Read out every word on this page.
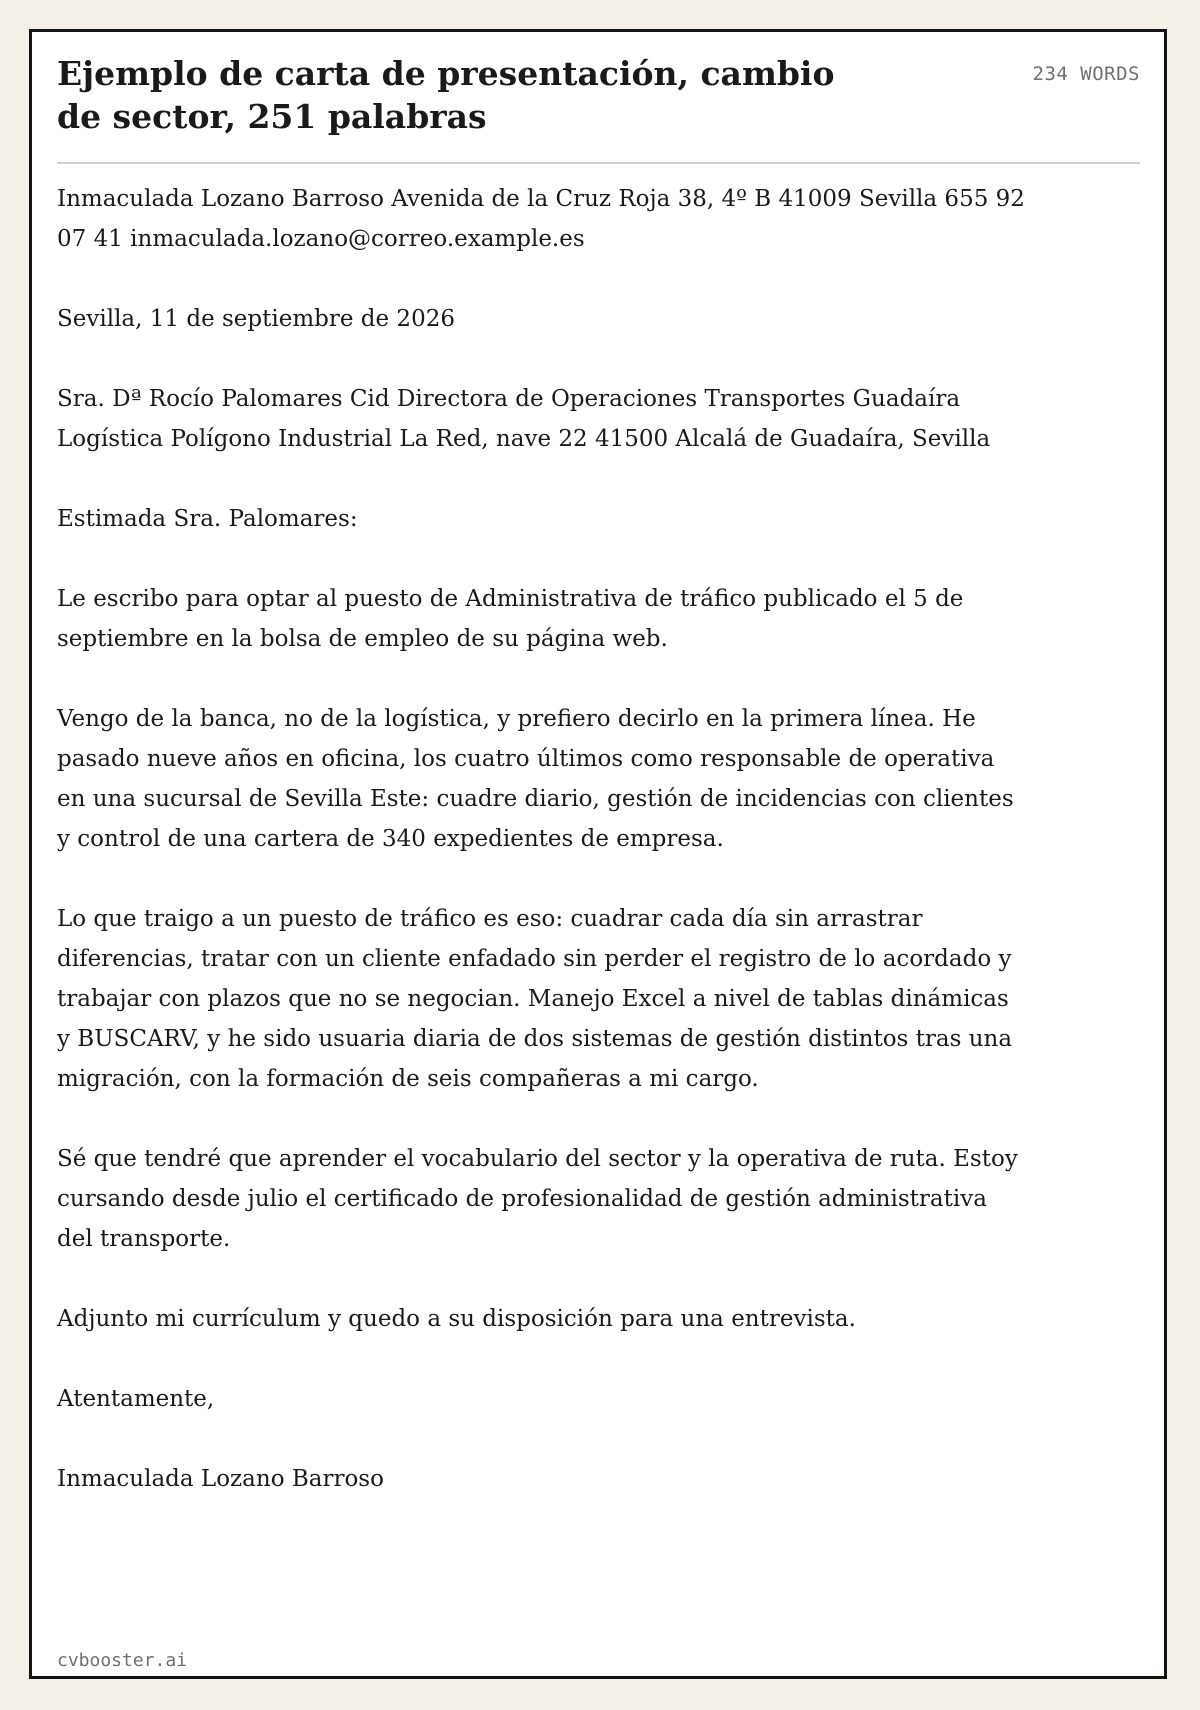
Ejemplo de carta de presentación, cambio de sector, 251 palabras
234 WORDS

Inmaculada Lozano Barroso Avenida de la Cruz Roja 38, 4º B 41009 Sevilla 655 92 07 41 inmaculada.lozano@correo.example.es

Sevilla, 11 de septiembre de 2026

Sra. Dª Rocío Palomares Cid Directora de Operaciones Transportes Guadaíra Logística Polígono Industrial La Red, nave 22 41500 Alcalá de Guadaíra, Sevilla

Estimada Sra. Palomares:

Le escribo para optar al puesto de Administrativa de tráfico publicado el 5 de septiembre en la bolsa de empleo de su página web.

Vengo de la banca, no de la logística, y prefiero decirlo en la primera línea. He pasado nueve años en oficina, los cuatro últimos como responsable de operativa en una sucursal de Sevilla Este: cuadre diario, gestión de incidencias con clientes y control de una cartera de 340 expedientes de empresa.

Lo que traigo a un puesto de tráfico es eso: cuadrar cada día sin arrastrar diferencias, tratar con un cliente enfadado sin perder el registro de lo acordado y trabajar con plazos que no se negocian. Manejo Excel a nivel de tablas dinámicas y BUSCARV, y he sido usuaria diaria de dos sistemas de gestión distintos tras una migración, con la formación de seis compañeras a mi cargo.

Sé que tendré que aprender el vocabulario del sector y la operativa de ruta. Estoy cursando desde julio el certificado de profesionalidad de gestión administrativa del transporte.

Adjunto mi currículum y quedo a su disposición para una entrevista.

Atentamente,

Inmaculada Lozano Barroso

cvbooster.ai
